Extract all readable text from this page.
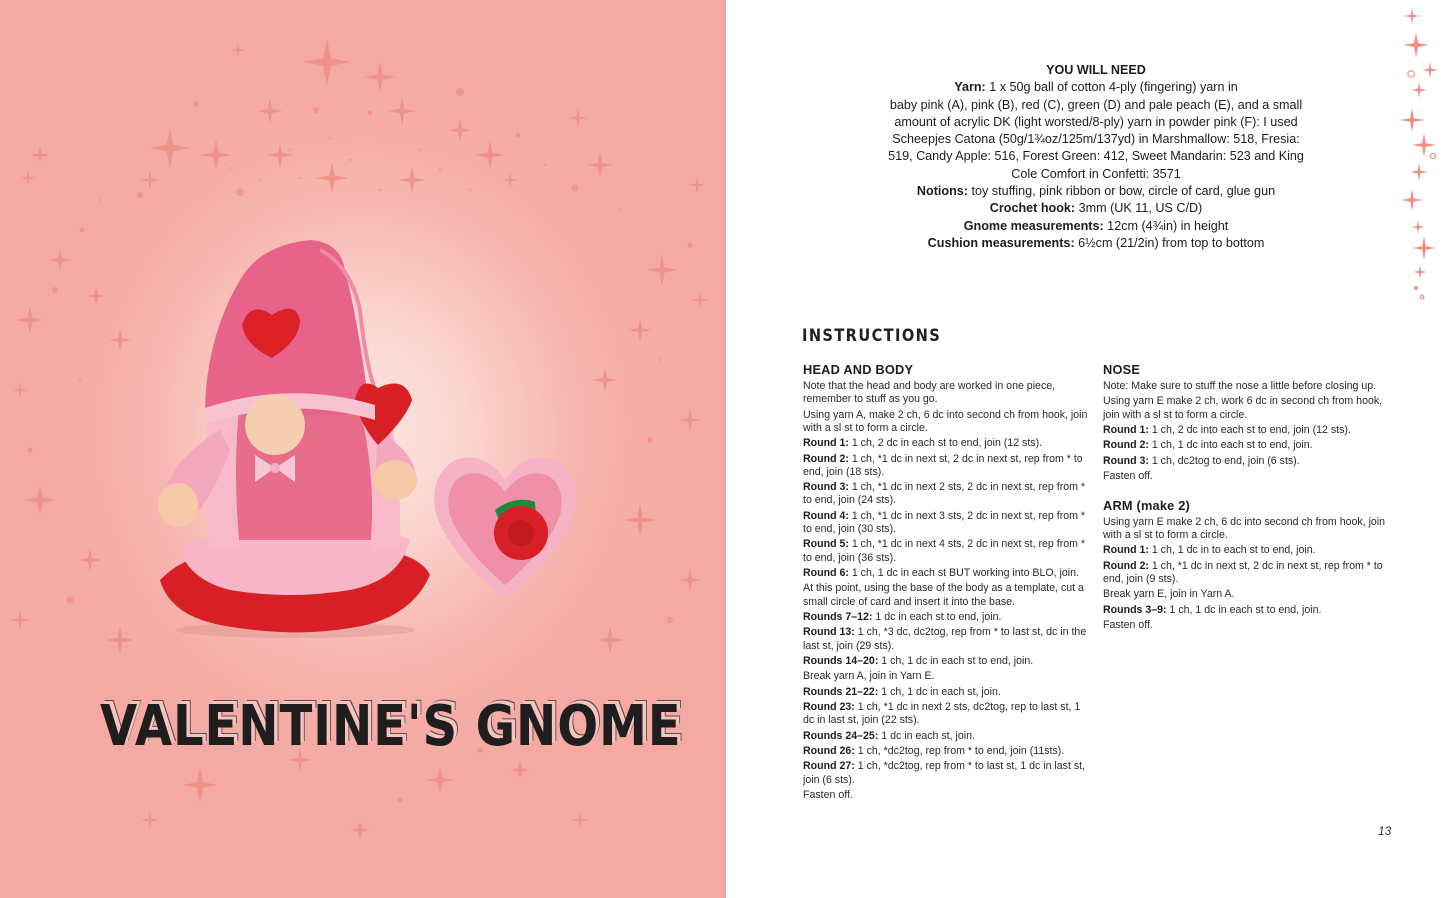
VALENTINE'S GNOME
YOU WILL NEED
Yarn: 1 x 50g ball of cotton 4-ply (fingering) yarn in
baby pink (A), pink (B), red (C), green (D) and pale peach (E), and a small
amount of acrylic DK (light worsted/8-ply) yarn in powder pink (F): I used
Scheepjes Catona (50g/1¾oz/125m/137yd) in Marshmallow: 518, Fresia:
519, Candy Apple: 516, Forest Green: 412, Sweet Mandarin: 523 and King
Cole Comfort in Confetti: 3571
Notions: toy stuffing, pink ribbon or bow, circle of card, glue gun
Crochet hook: 3mm (UK 11, US C/D)
Gnome measurements: 12cm (4¾in) in height
Cushion measurements: 6½cm (21/2in) from top to bottom
INSTRUCTIONS
HEAD AND BODY
Note that the head and body are worked in one piece, remember to stuff as you go.
Using yarn A, make 2 ch, 6 dc into second ch from hook, join with a sl st to form a circle.
Round 1: 1 ch, 2 dc in each st to end, join (12 sts).
Round 2: 1 ch, *1 dc in next st, 2 dc in next st, rep from * to end, join (18 sts).
Round 3: 1 ch, *1 dc in next 2 sts, 2 dc in next st, rep from * to end, join (24 sts).
Round 4: 1 ch, *1 dc in next 3 sts, 2 dc in next st, rep from * to end, join (30 sts).
Round 5: 1 ch, *1 dc in next 4 sts, 2 dc in next st, rep from * to end, join (36 sts).
Round 6: 1 ch, 1 dc in each st BUT working into BLO, join.
At this point, using the base of the body as a template, cut a small circle of card and insert it into the base.
Rounds 7–12: 1 dc in each st to end, join.
Round 13: 1 ch, *3 dc, dc2tog, rep from * to last st, dc in the last st, join (29 sts).
Rounds 14–20: 1 ch, 1 dc in each st to end, join.
Break yarn A, join in Yarn E.
Rounds 21–22: 1 ch, 1 dc in each st, join.
Round 23: 1 ch, *1 dc in next 2 sts, dc2tog, rep to last st, 1 dc in last st, join (22 sts).
Rounds 24–25: 1 dc in each st, join.
Round 26: 1 ch, *dc2tog, rep from * to end, join (11sts).
Round 27: 1 ch, *dc2tog, rep from * to last st, 1 dc in last st, join (6 sts).
Fasten off.
NOSE
Note: Make sure to stuff the nose a little before closing up.
Using yarn E make 2 ch, work 6 dc in second ch from hook, join with a sl st to form a circle.
Round 1: 1 ch, 2 dc into each st to end, join (12 sts).
Round 2: 1 ch, 1 dc into each st to end, join.
Round 3: 1 ch, dc2tog to end, join (6 sts).
Fasten off.
ARM (make 2)
Using yarn E make 2 ch, 6 dc into second ch from hook, join with a sl st to form a circle.
Round 1: 1 ch, 1 dc in to each st to end, join.
Round 2: 1 ch, *1 dc in next st, 2 dc in next st, rep from * to end, join (9 sts).
Break yarn E, join in Yarn A.
Rounds 3–9: 1 ch, 1 dc in each st to end, join.
Fasten off.
13
